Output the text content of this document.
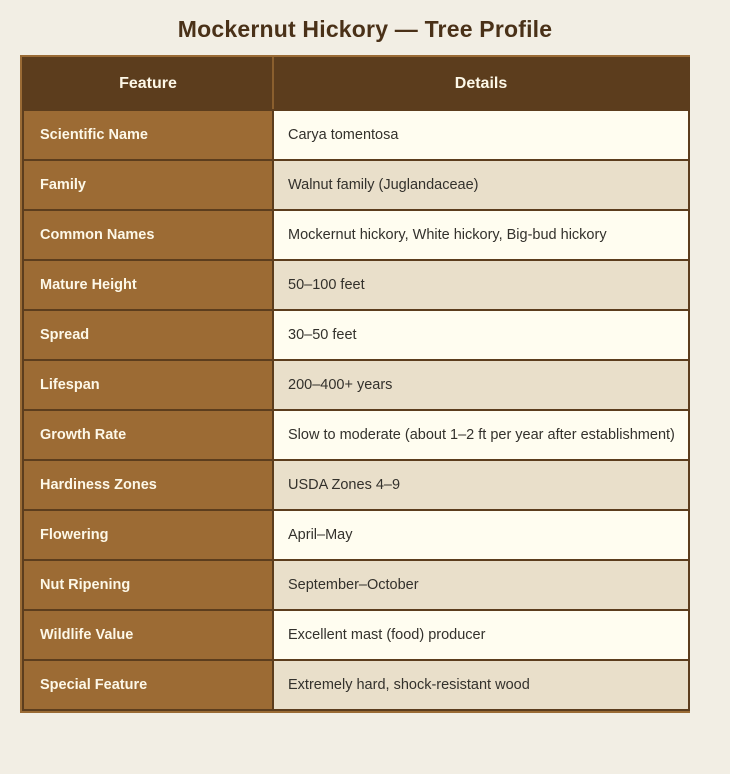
Mockernut Hickory — Tree Profile
Feature	Details
Scientific Name	Carya tomentosa
Family	Walnut family (Juglandaceae)
Common Names	Mockernut hickory, White hickory, Big-bud hickory
Mature Height	50–100 feet
Spread	30–50 feet
Lifespan	200–400+ years
Growth Rate	Slow to moderate (about 1–2 ft per year after establishment)
Hardiness Zones	USDA Zones 4–9
Flowering	April–May
Nut Ripening	September–October
Wildlife Value	Excellent mast (food) producer
Special Feature	Extremely hard, shock-resistant wood
